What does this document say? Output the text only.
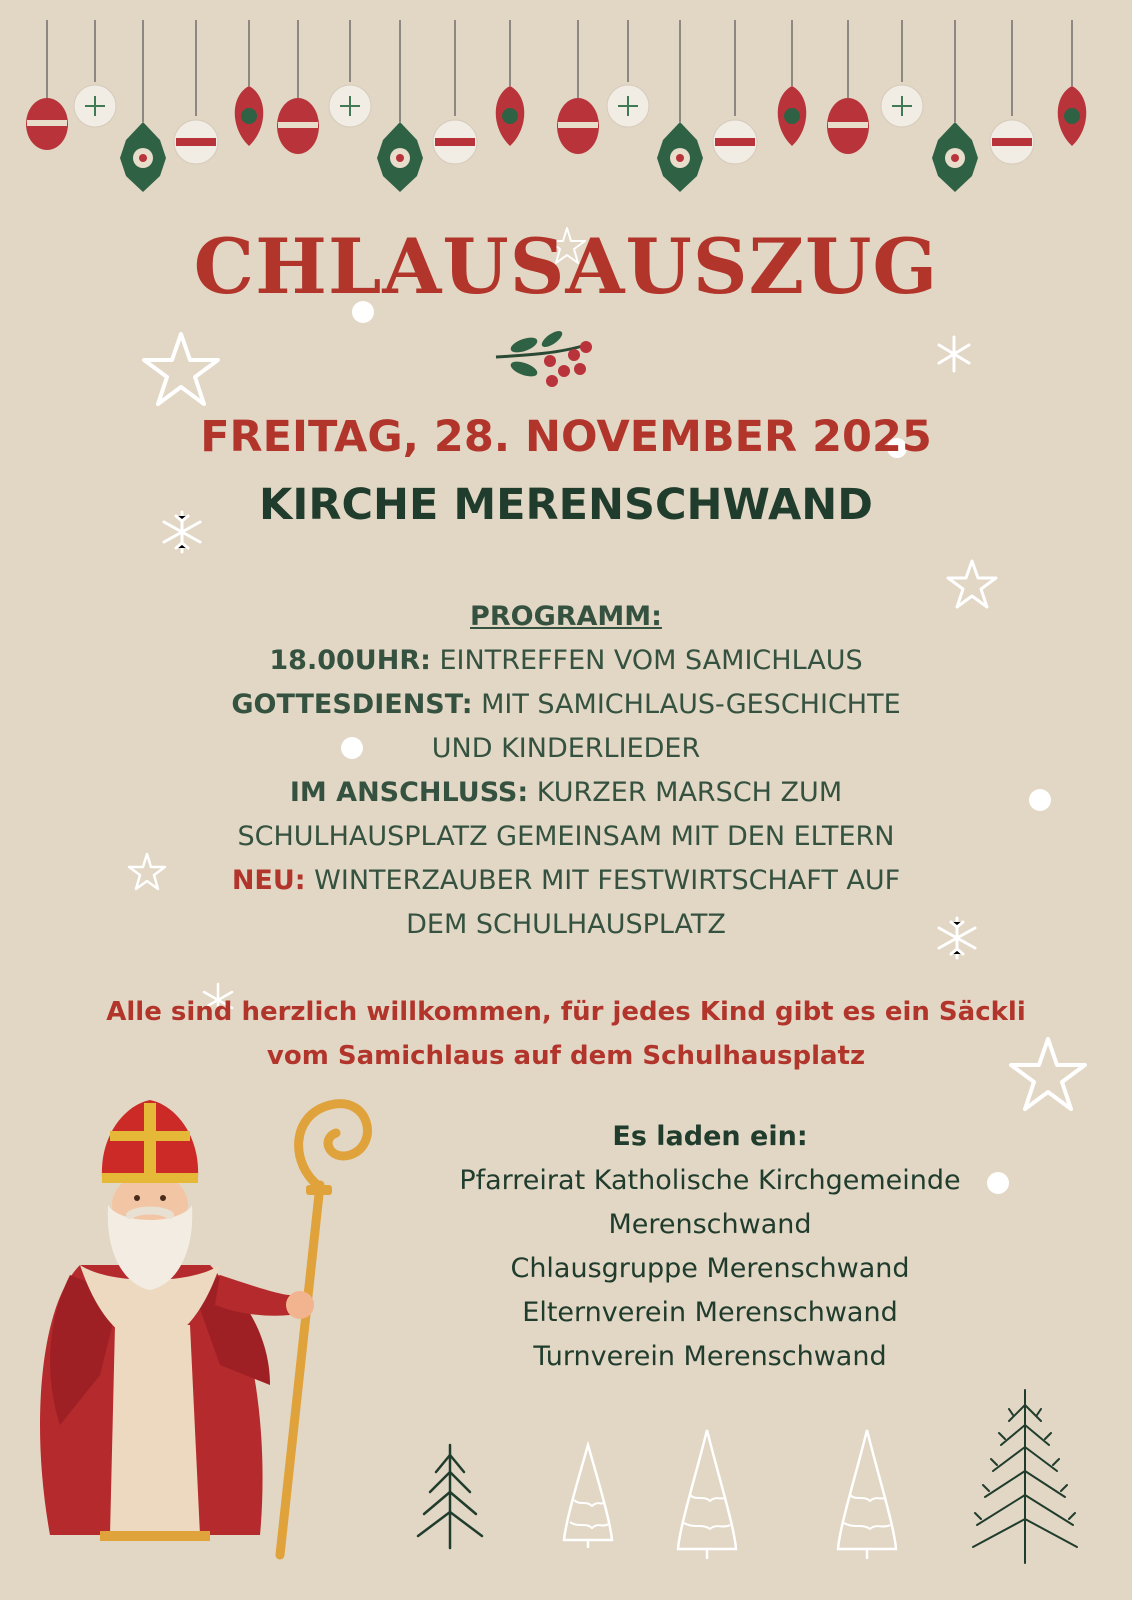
CHLAUSAUSZUG
FREITAG, 28. NOVEMBER 2025
KIRCHE MERENSCHWAND
PROGRAMM:
18.00UHR: EINTREFFEN VOM SAMICHLAUS
GOTTESDIENST: MIT SAMICHLAUS-GESCHICHTE
UND KINDERLIEDER
IM ANSCHLUSS: KURZER MARSCH ZUM
SCHULHAUSPLATZ GEMEINSAM MIT DEN ELTERN
NEU: WINTERZAUBER MIT FESTWIRTSCHAFT AUF
DEM SCHULHAUSPLATZ
Alle sind herzlich willkommen, für jedes Kind gibt es ein Säckli
vom Samichlaus auf dem Schulhausplatz
Es laden ein:
Pfarreirat Katholische Kirchgemeinde
Merenschwand
Chlausgruppe Merenschwand
Elternverein Merenschwand
Turnverein Merenschwand
